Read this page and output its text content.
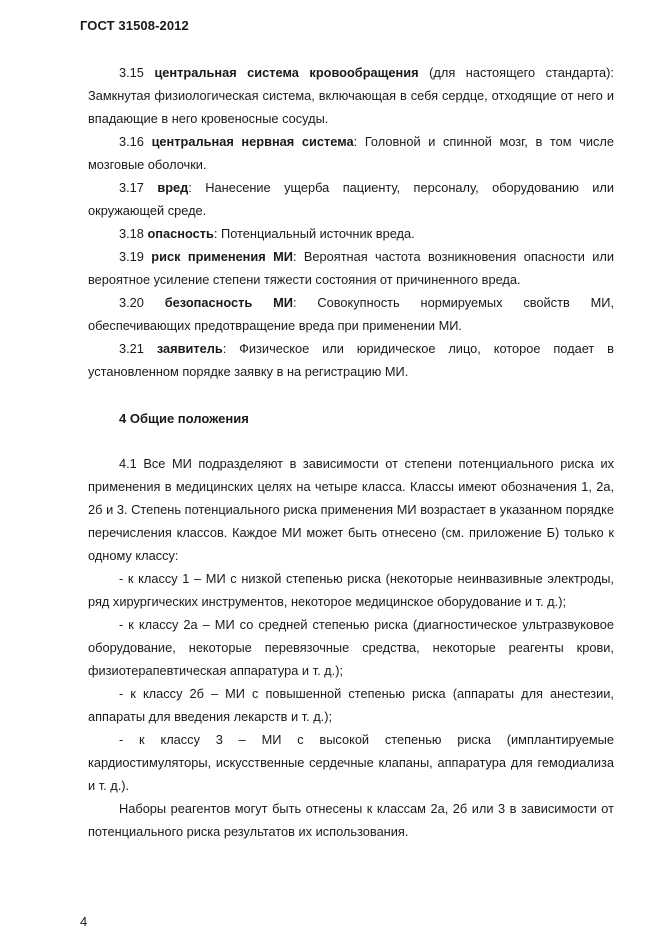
ГОСТ 31508-2012

3.15 центральная система кровообращения (для настоящего стандарта): Замкнутая физиологическая система, включающая в себя сердце, отходящие от него и впадающие в него кровеносные сосуды.

3.16 центральная нервная система: Головной и спинной мозг, в том числе мозговые оболочки.

3.17 вред: Нанесение ущерба пациенту, персоналу, оборудованию или окружающей среде.

3.18 опасность: Потенциальный источник вреда.

3.19 риск применения МИ: Вероятная частота возникновения опасности или вероятное усиление степени тяжести состояния от причиненного вреда.

3.20 безопасность МИ: Совокупность нормируемых свойств МИ, обеспечивающих предотвращение вреда при применении МИ.

3.21 заявитель: Физическое или юридическое лицо, которое подает в установленном порядке заявку в на регистрацию МИ.

4 Общие положения

4.1 Все МИ подразделяют в зависимости от степени потенциального риска их применения в медицинских целях на четыре класса. Классы имеют обозначения 1, 2а, 2б и 3. Степень потенциального риска применения МИ возрастает в указанном порядке перечисления классов. Каждое МИ может быть отнесено (см. приложение Б) только к одному классу:

- к классу 1 – МИ с низкой степенью риска (некоторые неинвазивные электроды, ряд хирургических инструментов, некоторое медицинское оборудование и т. д.);

- к классу 2а – МИ со средней степенью риска (диагностическое ультразвуковое оборудование, некоторые перевязочные средства, некоторые реагенты крови, физиотерапевтическая аппаратура и т. д.);

- к классу 2б – МИ с повышенной степенью риска (аппараты для анестезии, аппараты для введения лекарств и т. д.);

- к классу 3 – МИ с высокой степенью риска (имплантируемые кардиостимуляторы, искусственные сердечные клапаны, аппаратура для гемодиализа и т. д.).

Наборы реагентов могут быть отнесены к классам 2а, 2б или 3 в зависимости от потенциального риска результатов их использования.

4
